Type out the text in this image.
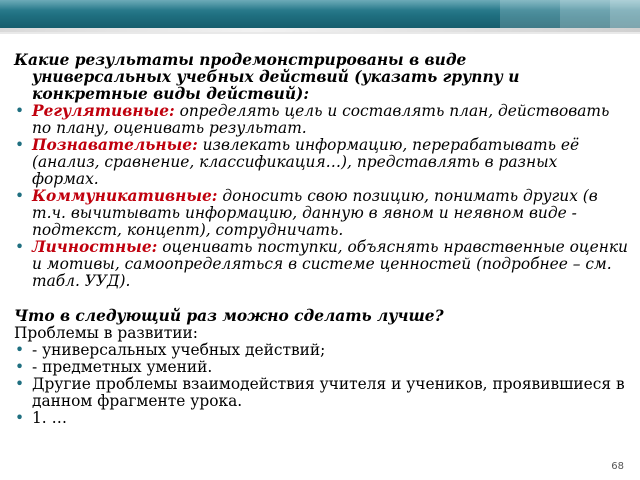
Какие результаты продемонстрированы в виде
универсальных учебных действий (указать группу и
конкретные виды действий):

• Регулятивные: определять цель и составлять план, действовать по плану, оценивать результат.
• Познавательные: извлекать информацию, перерабатывать её (анализ, сравнение, классификация…), представлять в разных формах.
• Коммуникативные: доносить свою позицию, понимать других (в т.ч. вычитывать информацию, данную в явном и неявном виде - подтекст, концепт), сотрудничать.
• Личностные: оценивать поступки, объяснять нравственные оценки и мотивы, самоопределяться в системе ценностей (подробнее – см. табл. УУД).

Что в следующий раз можно сделать лучше?

Проблемы в развитии:

• - универсальных учебных действий;
• - предметных умений.
• Другие проблемы взаимодействия учителя и учеников, проявившиеся в данном фрагменте урока.
• 1. …
68
